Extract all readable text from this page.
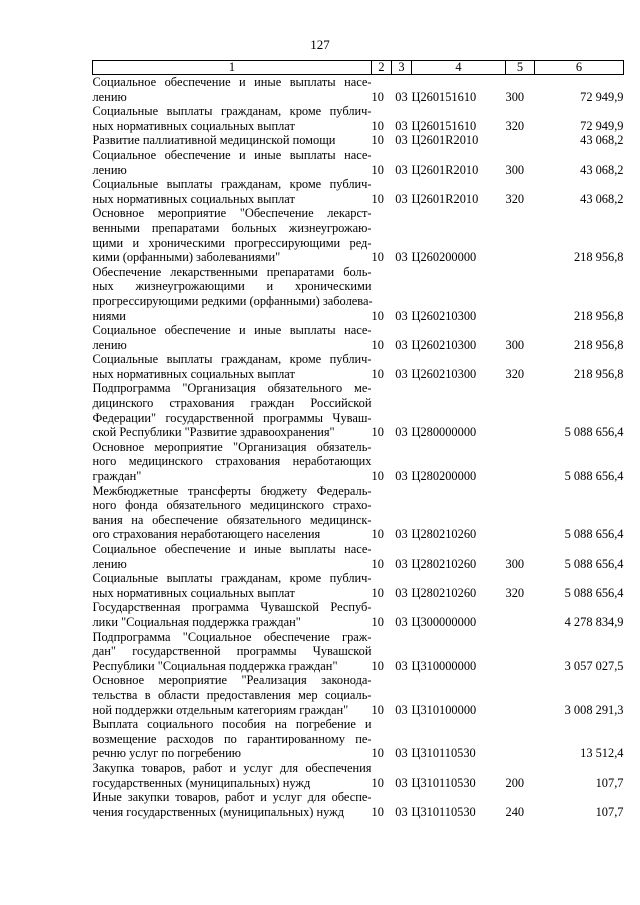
127
1	2	3	4	5	6

Социальное обеспечение и иные выплаты насе-
лению	10	03	Ц260151610	300	72 949,9

Социальные выплаты гражданам, кроме публич-
ных нормативных социальных выплат	10	03	Ц260151610	320	72 949,9

Развитие паллиативной медицинской помощи	10	03	Ц2601R2010		43 068,2

Социальное обеспечение и иные выплаты насе-
лению	10	03	Ц2601R2010	300	43 068,2

Социальные выплаты гражданам, кроме публич-
ных нормативных социальных выплат	10	03	Ц2601R2010	320	43 068,2

Основное мероприятие "Обеспечение лекарст-
венными препаратами больных жизнеугрожаю-
щими и хроническими прогрессирующими ред-
кими (орфанными) заболеваниями"	10	03	Ц260200000		218 956,8

Обеспечение лекарственными препаратами боль-
ных жизнеугрожающими и хроническими
прогрессирующими редкими (орфанными) заболева-
ниями	10	03	Ц260210300		218 956,8

Социальное обеспечение и иные выплаты насе-
лению	10	03	Ц260210300	300	218 956,8

Социальные выплаты гражданам, кроме публич-
ных нормативных социальных выплат	10	03	Ц260210300	320	218 956,8

Подпрограмма "Организация обязательного ме-
дицинского страхования граждан Российской
Федерации" государственной программы Чуваш-
ской Республики "Развитие здравоохранения"	10	03	Ц280000000		5 088 656,4

Основное мероприятие "Организация обязатель-
ного медицинского страхования неработающих
граждан"	10	03	Ц280200000		5 088 656,4

Межбюджетные трансферты бюджету Федераль-
ного фонда обязательного медицинского страхо-
вания на обеспечение обязательного медицинск-
ого страхования неработающего населения	10	03	Ц280210260		5 088 656,4

Социальное обеспечение и иные выплаты насе-
лению	10	03	Ц280210260	300	5 088 656,4

Социальные выплаты гражданам, кроме публич-
ных нормативных социальных выплат	10	03	Ц280210260	320	5 088 656,4

Государственная программа Чувашской Респуб-
лики "Социальная поддержка граждан"	10	03	Ц300000000		4 278 834,9

Подпрограмма "Социальное обеспечение граж-
дан" государственной программы Чувашской
Республики "Социальная поддержка граждан"	10	03	Ц310000000		3 057 027,5

Основное мероприятие "Реализация законода-
тельства в области предоставления мер социаль-
ной поддержки отдельным категориям граждан"	10	03	Ц310100000		3 008 291,3

Выплата социального пособия на погребение и
возмещение расходов по гарантированному пе-
речню услуг по погребению	10	03	Ц310110530		13 512,4

Закупка товаров, работ и услуг для обеспечения
государственных (муниципальных) нужд	10	03	Ц310110530	200	107,7

Иные закупки товаров, работ и услуг для обеспе-
чения государственных (муниципальных) нужд	10	03	Ц310110530	240	107,7
